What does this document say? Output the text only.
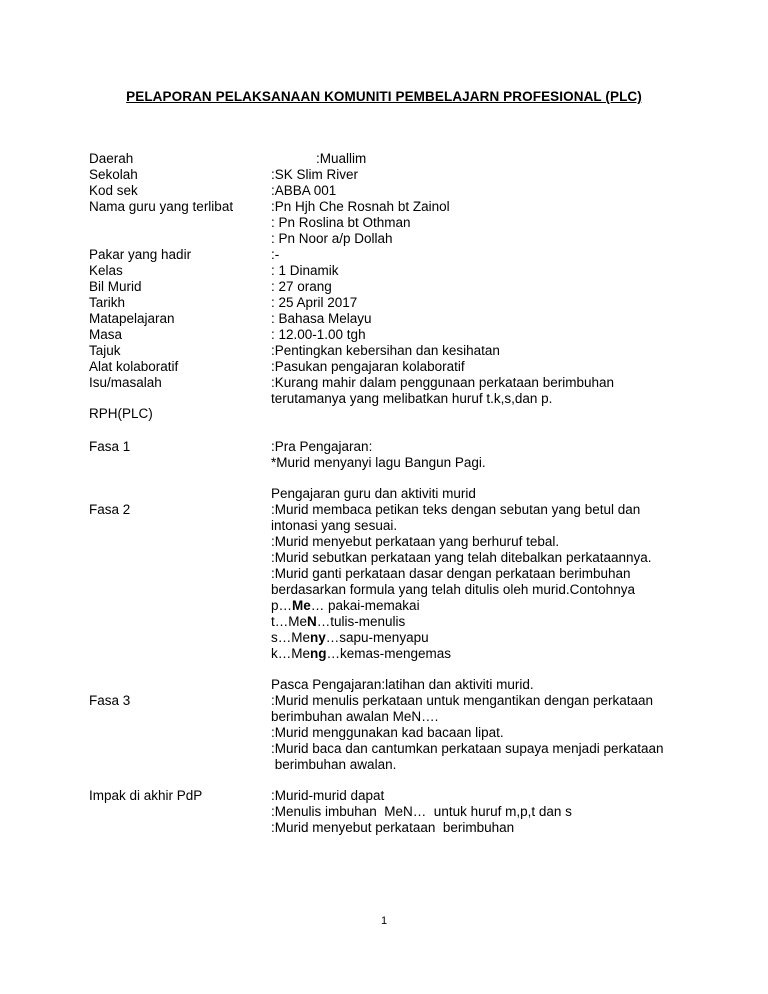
PELAPORAN PELAKSANAAN KOMUNITI PEMBELAJARN PROFESIONAL (PLC)
Daerah	:Muallim
Sekolah	:SK Slim River
Kod sek	:ABBA 001
Nama guru yang terlibat	:Pn Hjh Che Rosnah bt Zainol
: Pn Roslina bt Othman
: Pn Noor a/p Dollah
Pakar yang hadir	:-
Kelas	: 1 Dinamik
Bil Murid	: 27 orang
Tarikh	: 25 April 2017
Matapelajaran	: Bahasa Melayu
Masa	: 12.00-1.00 tgh
Tajuk	:Pentingkan kebersihan dan kesihatan
Alat kolaboratif	:Pasukan pengajaran kolaboratif
Isu/masalah	:Kurang mahir dalam penggunaan perkataan berimbuhan
terutamanya yang melibatkan huruf t.k,s,dan p.
RPH(PLC)
Fasa 1	:Pra Pengajaran:
*Murid menyanyi lagu Bangun Pagi.
Pengajaran guru dan aktiviti murid
Fasa 2	:Murid membaca petikan teks dengan sebutan yang betul dan
intonasi yang sesuai.
:Murid menyebut perkataan yang berhuruf tebal.
:Murid sebutkan perkataan yang telah ditebalkan perkataannya.
:Murid ganti perkataan dasar dengan perkataan berimbuhan
berdasarkan formula yang telah ditulis oleh murid.Contohnya
p…Me… pakai-memakai
t…MeN…tulis-menulis
s…Meny…sapu-menyapu
k…Meng…kemas-mengemas
Pasca Pengajaran:latihan dan aktiviti murid.
Fasa 3	:Murid menulis perkataan untuk mengantikan dengan perkataan
berimbuhan awalan MeN….
:Murid menggunakan kad bacaan lipat.
:Murid baca dan cantumkan perkataan supaya menjadi perkataan
berimbuhan awalan.
Impak di akhir PdP	:Murid-murid dapat
:Menulis imbuhan  MeN…  untuk huruf m,p,t dan s
:Murid menyebut perkataan  berimbuhan
1
